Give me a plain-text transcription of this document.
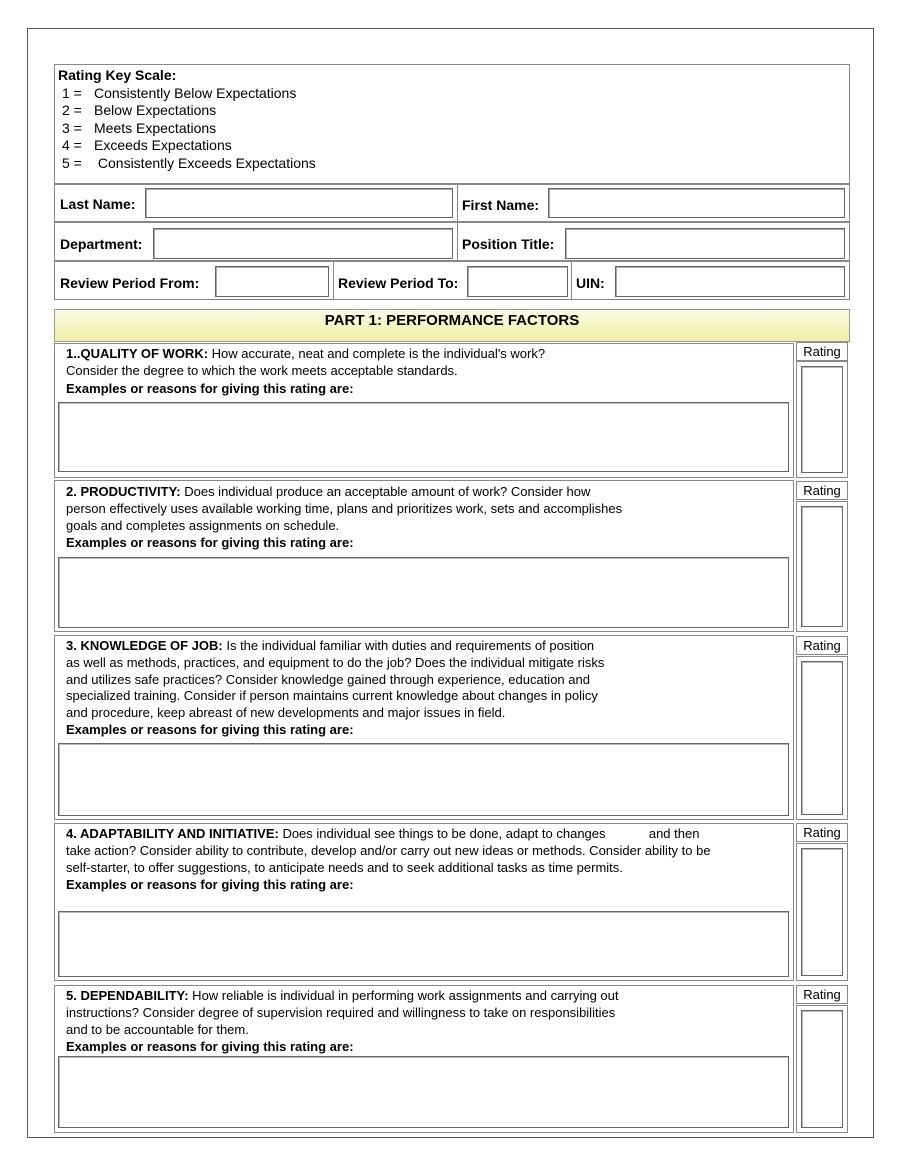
Rating Key Scale:
1 = Consistently Below Expectations
2 = Below Expectations
3 = Meets Expectations
4 = Exceeds Expectations
5 = Consistently Exceeds Expectations
Last Name:	First Name:
Department:	Position Title:
Review Period From:	Review Period To:	UIN:
PART 1: PERFORMANCE FACTORS
1..QUALITY OF WORK: How accurate, neat and complete is the individual's work?
Consider the degree to which the work meets acceptable standards.
Examples or reasons for giving this rating are:
Rating
2. PRODUCTIVITY: Does individual produce an acceptable amount of work? Consider how
person effectively uses available working time, plans and prioritizes work, sets and accomplishes
goals and completes assignments on schedule.
Examples or reasons for giving this rating are:
Rating
3. KNOWLEDGE OF JOB: Is the individual familiar with duties and requirements of position
as well as methods, practices, and equipment to do the job? Does the individual mitigate risks
and utilizes safe practices? Consider knowledge gained through experience, education and
specialized training. Consider if person maintains current knowledge about changes in policy
and procedure, keep abreast of new developments and major issues in field.
Examples or reasons for giving this rating are:
Rating
4. ADAPTABILITY AND INITIATIVE: Does individual see things to be done, adapt to changes            and then
take action? Consider ability to contribute, develop and/or carry out new ideas or methods. Consider ability to be
self-starter, to offer suggestions, to anticipate needs and to seek additional tasks as time permits.
Examples or reasons for giving this rating are:
Rating
5. DEPENDABILITY: How reliable is individual in performing work assignments and carrying out
instructions? Consider degree of supervision required and willingness to take on responsibilities
and to be accountable for them.
Examples or reasons for giving this rating are:
Rating
